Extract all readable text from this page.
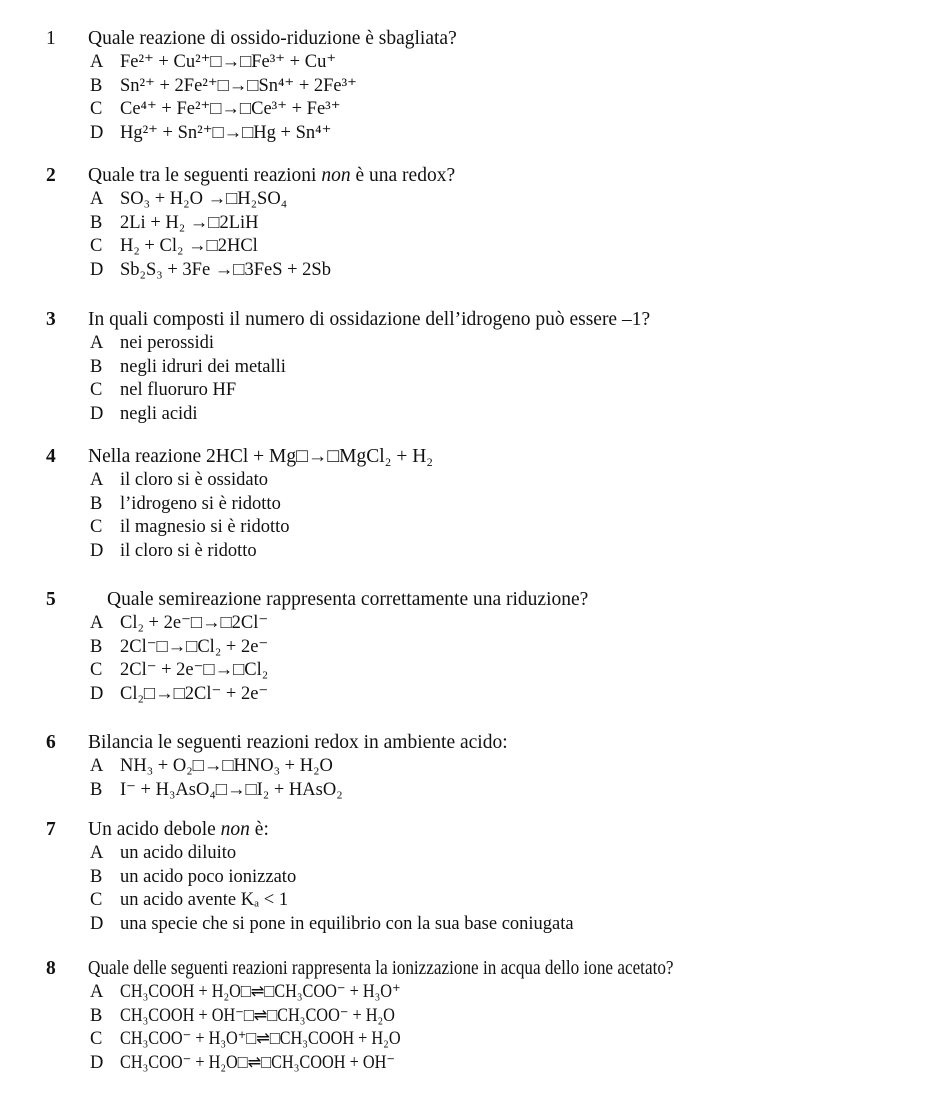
1 Quale reazione di ossido-riduzione è sbagliata?
A Fe²⁺ + Cu²⁺□→□Fe³⁺ + Cu⁺
B Sn²⁺ + 2Fe²⁺□→□Sn⁴⁺ + 2Fe³⁺
C Ce⁴⁺ + Fe²⁺□→□Ce³⁺ + Fe³⁺
D Hg²⁺ + Sn²⁺□→□Hg + Sn⁴⁺
2 Quale tra le seguenti reazioni non è una redox?
A SO₃ + H₂O →□H₂SO₄
B 2Li + H₂ →□2LiH
C H₂ + Cl₂ →□2HCl
D Sb₂S₃ + 3Fe →□3FeS + 2Sb
3 In quali composti il numero di ossidazione dell’idrogeno può essere –1?
A nei perossidi
B negli idruri dei metalli
C nel fluoruro HF
D negli acidi
4 Nella reazione 2HCl + Mg□→□MgCl₂ + H₂
A il cloro si è ossidato
B l’idrogeno si è ridotto
C il magnesio si è ridotto
D il cloro si è ridotto
5	Quale semireazione rappresenta correttamente una riduzione?
A Cl₂ + 2e⁻□→□2Cl⁻
B 2Cl⁻□→□Cl₂ + 2e⁻
C 2Cl⁻ + 2e⁻□→□Cl₂
D Cl₂□→□2Cl⁻ + 2e⁻
6 Bilancia le seguenti reazioni redox in ambiente acido:
A NH₃ + O₂□→□HNO₃ + H₂O
B I⁻ + H₃AsO₄□→□I₂ + HAsO₂
7 Un acido debole non è:
A un acido diluito
B un acido poco ionizzato
C un acido avente Kₐ < 1
D una specie che si pone in equilibrio con la sua base coniugata
8 Quale delle seguenti reazioni rappresenta la ionizzazione in acqua dello ione acetato?
A CH₃COOH + H₂O□⇌□CH₃COO⁻ + H₃O⁺
B CH₃COOH + OH⁻□⇌□CH₃COO⁻ + H₂O
C CH₃COO⁻ + H₃O⁺□⇌□CH₃COOH + H₂O
D CH₃COO⁻ + H₂O□⇌□CH₃COOH + OH⁻
